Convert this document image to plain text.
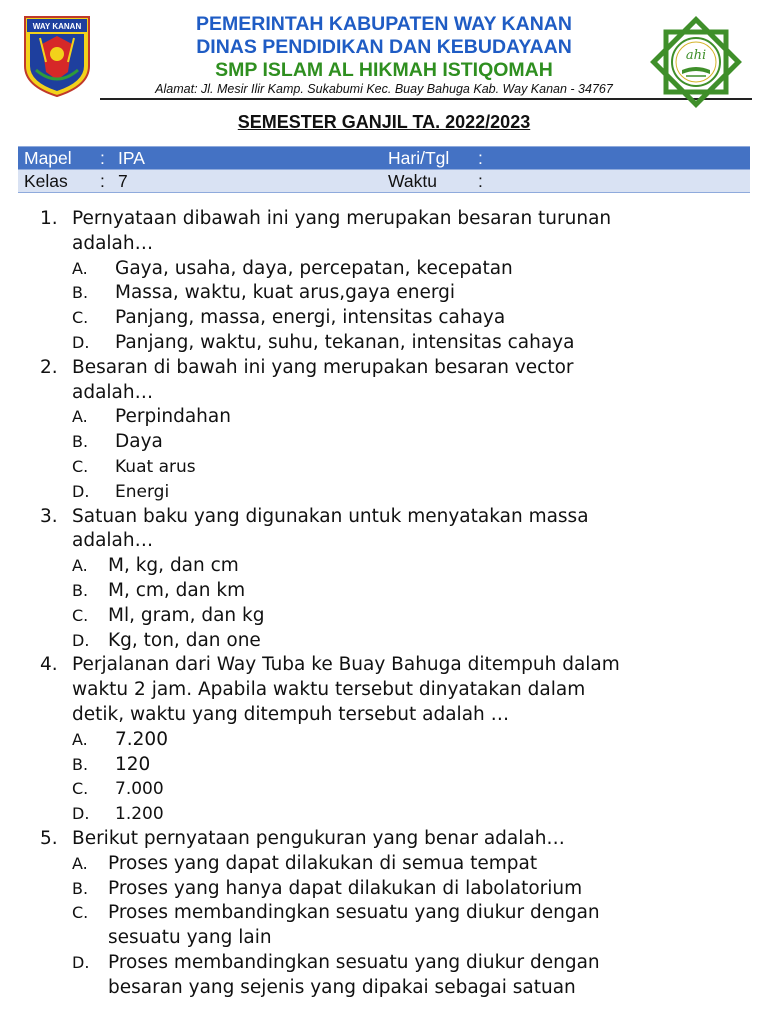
WAY KANAN	PEMERINTAH KABUPATEN WAY KANAN
DINAS PENDIDIKAN DAN KEBUDAYAAN
SMP ISLAM AL HIKMAH ISTIQOMAH
Alamat: Jl. Mesir Ilir Kamp. Sukabumi Kec. Buay Bahuga Kab. Way Kanan - 34767
ahi
SEMESTER GANJIL TA. 2022/2023
Mapel	:	IPA	Hari/Tgl	:
Kelas	:	7	Waktu	:
1. Pernyataan dibawah ini yang merupakan besaran turunan
adalah…
A. Gaya, usaha, daya, percepatan, kecepatan
B. Massa, waktu, kuat arus,gaya energi
C. Panjang, massa, energi, intensitas cahaya
D. Panjang, waktu, suhu, tekanan, intensitas cahaya
2. Besaran di bawah ini yang merupakan besaran vector
adalah…
A. Perpindahan
B. Daya
C. Kuat arus
D. Energi
3. Satuan baku yang digunakan untuk menyatakan massa
adalah…
A. M, kg, dan cm
B. M, cm, dan km
C. Ml, gram, dan kg
D. Kg, ton, dan one
4. Perjalanan dari Way Tuba ke Buay Bahuga ditempuh dalam
waktu 2 jam. Apabila waktu tersebut dinyatakan dalam
detik, waktu yang ditempuh tersebut adalah …
A. 7.200
B. 120
C. 7.000
D. 1.200
5. Berikut pernyataan pengukuran yang benar adalah…
A. Proses yang dapat dilakukan di semua tempat
B. Proses yang hanya dapat dilakukan di labolatorium
C. Proses membandingkan sesuatu yang diukur dengan
sesuatu yang lain
D. Proses membandingkan sesuatu yang diukur dengan
besaran yang sejenis yang dipakai sebagai satuan
